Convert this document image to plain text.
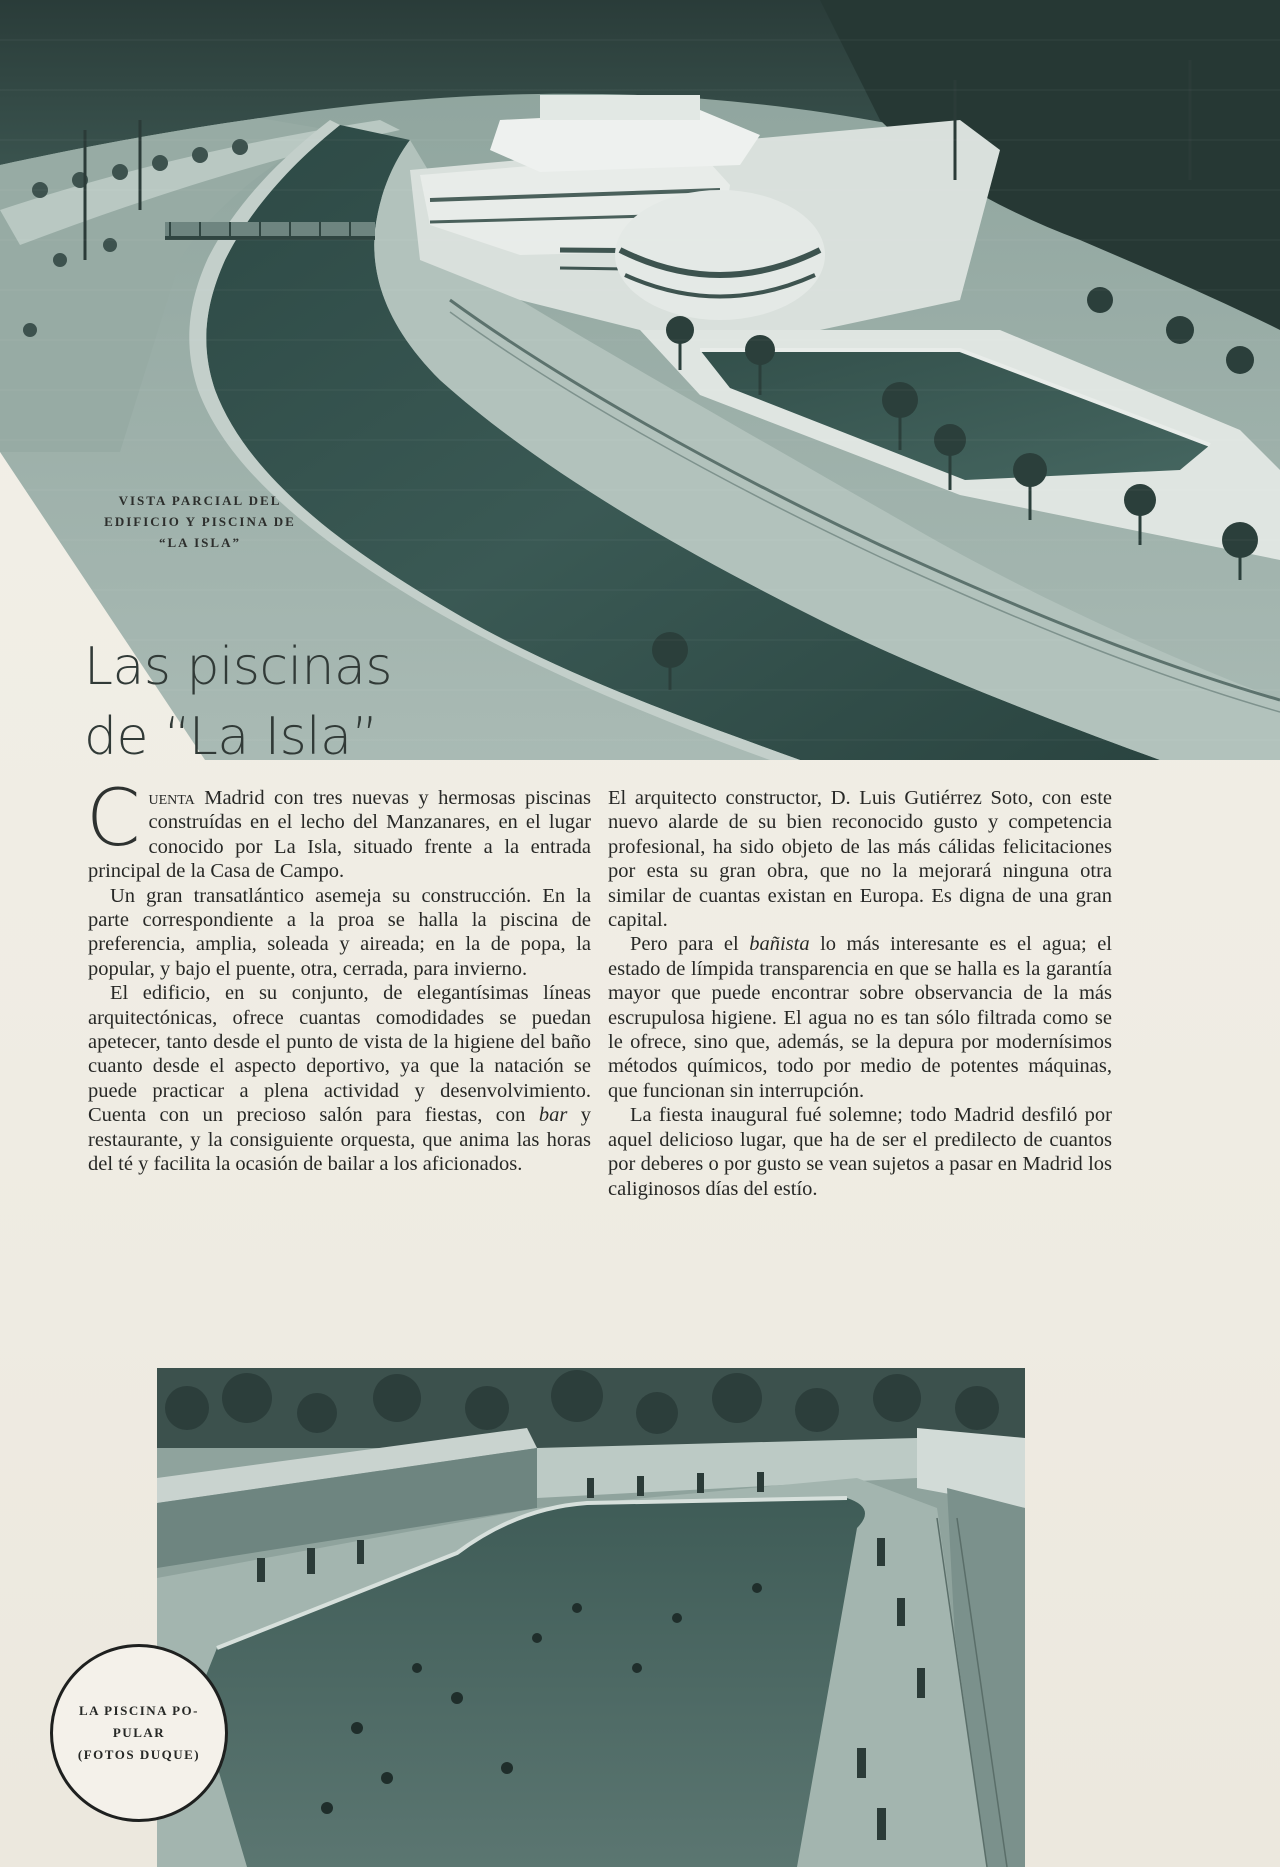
VISTA PARCIAL DEL
EDIFICIO Y PISCINA DE
“LA ISLA”
Las piscinas
de “La Isla”

Cuenta Madrid con tres nuevas y hermosas piscinas construídas en el lecho del Manzanares, en el lugar conocido por La Isla, situado frente a la entrada principal de la Casa de Campo.

Un gran transatlántico asemeja su construcción. En la parte correspondiente a la proa se halla la piscina de preferencia, amplia, soleada y aireada; en la de popa, la popular, y bajo el puente, otra, cerrada, para invierno.

El edificio, en su conjunto, de elegantísimas líneas arquitectónicas, ofrece cuantas comodidades se puedan apetecer, tanto desde el punto de vista de la higiene del baño cuanto desde el aspecto deportivo, ya que la natación se puede practicar a plena actividad y desenvolvimiento. Cuenta con un precioso salón para fiestas, con bar y restaurante, y la consiguiente orquesta, que anima las horas del té y facilita la ocasión de bailar a los aficionados.

El arquitecto constructor, D. Luis Gutiérrez Soto, con este nuevo alarde de su bien reconocido gusto y competencia profesional, ha sido objeto de las más cálidas felicitaciones por esta su gran obra, que no la mejorará ninguna otra similar de cuantas existan en Europa. Es digna de una gran capital.

Pero para el bañista lo más interesante es el agua; el estado de límpida transparencia en que se halla es la garantía mayor que puede encontrar sobre observancia de la más escrupulosa higiene. El agua no es tan sólo filtrada como se le ofrece, sino que, además, se la depura por modernísimos métodos químicos, todo por medio de potentes máquinas, que funcionan sin interrupción.

La fiesta inaugural fué solemne; todo Madrid desfiló por aquel delicioso lugar, que ha de ser el predilecto de cuantos por deberes o por gusto se vean sujetos a pasar en Madrid los caliginosos días del estío.

LA PISCINA PO-
PULAR
(FOTOS DUQUE)
